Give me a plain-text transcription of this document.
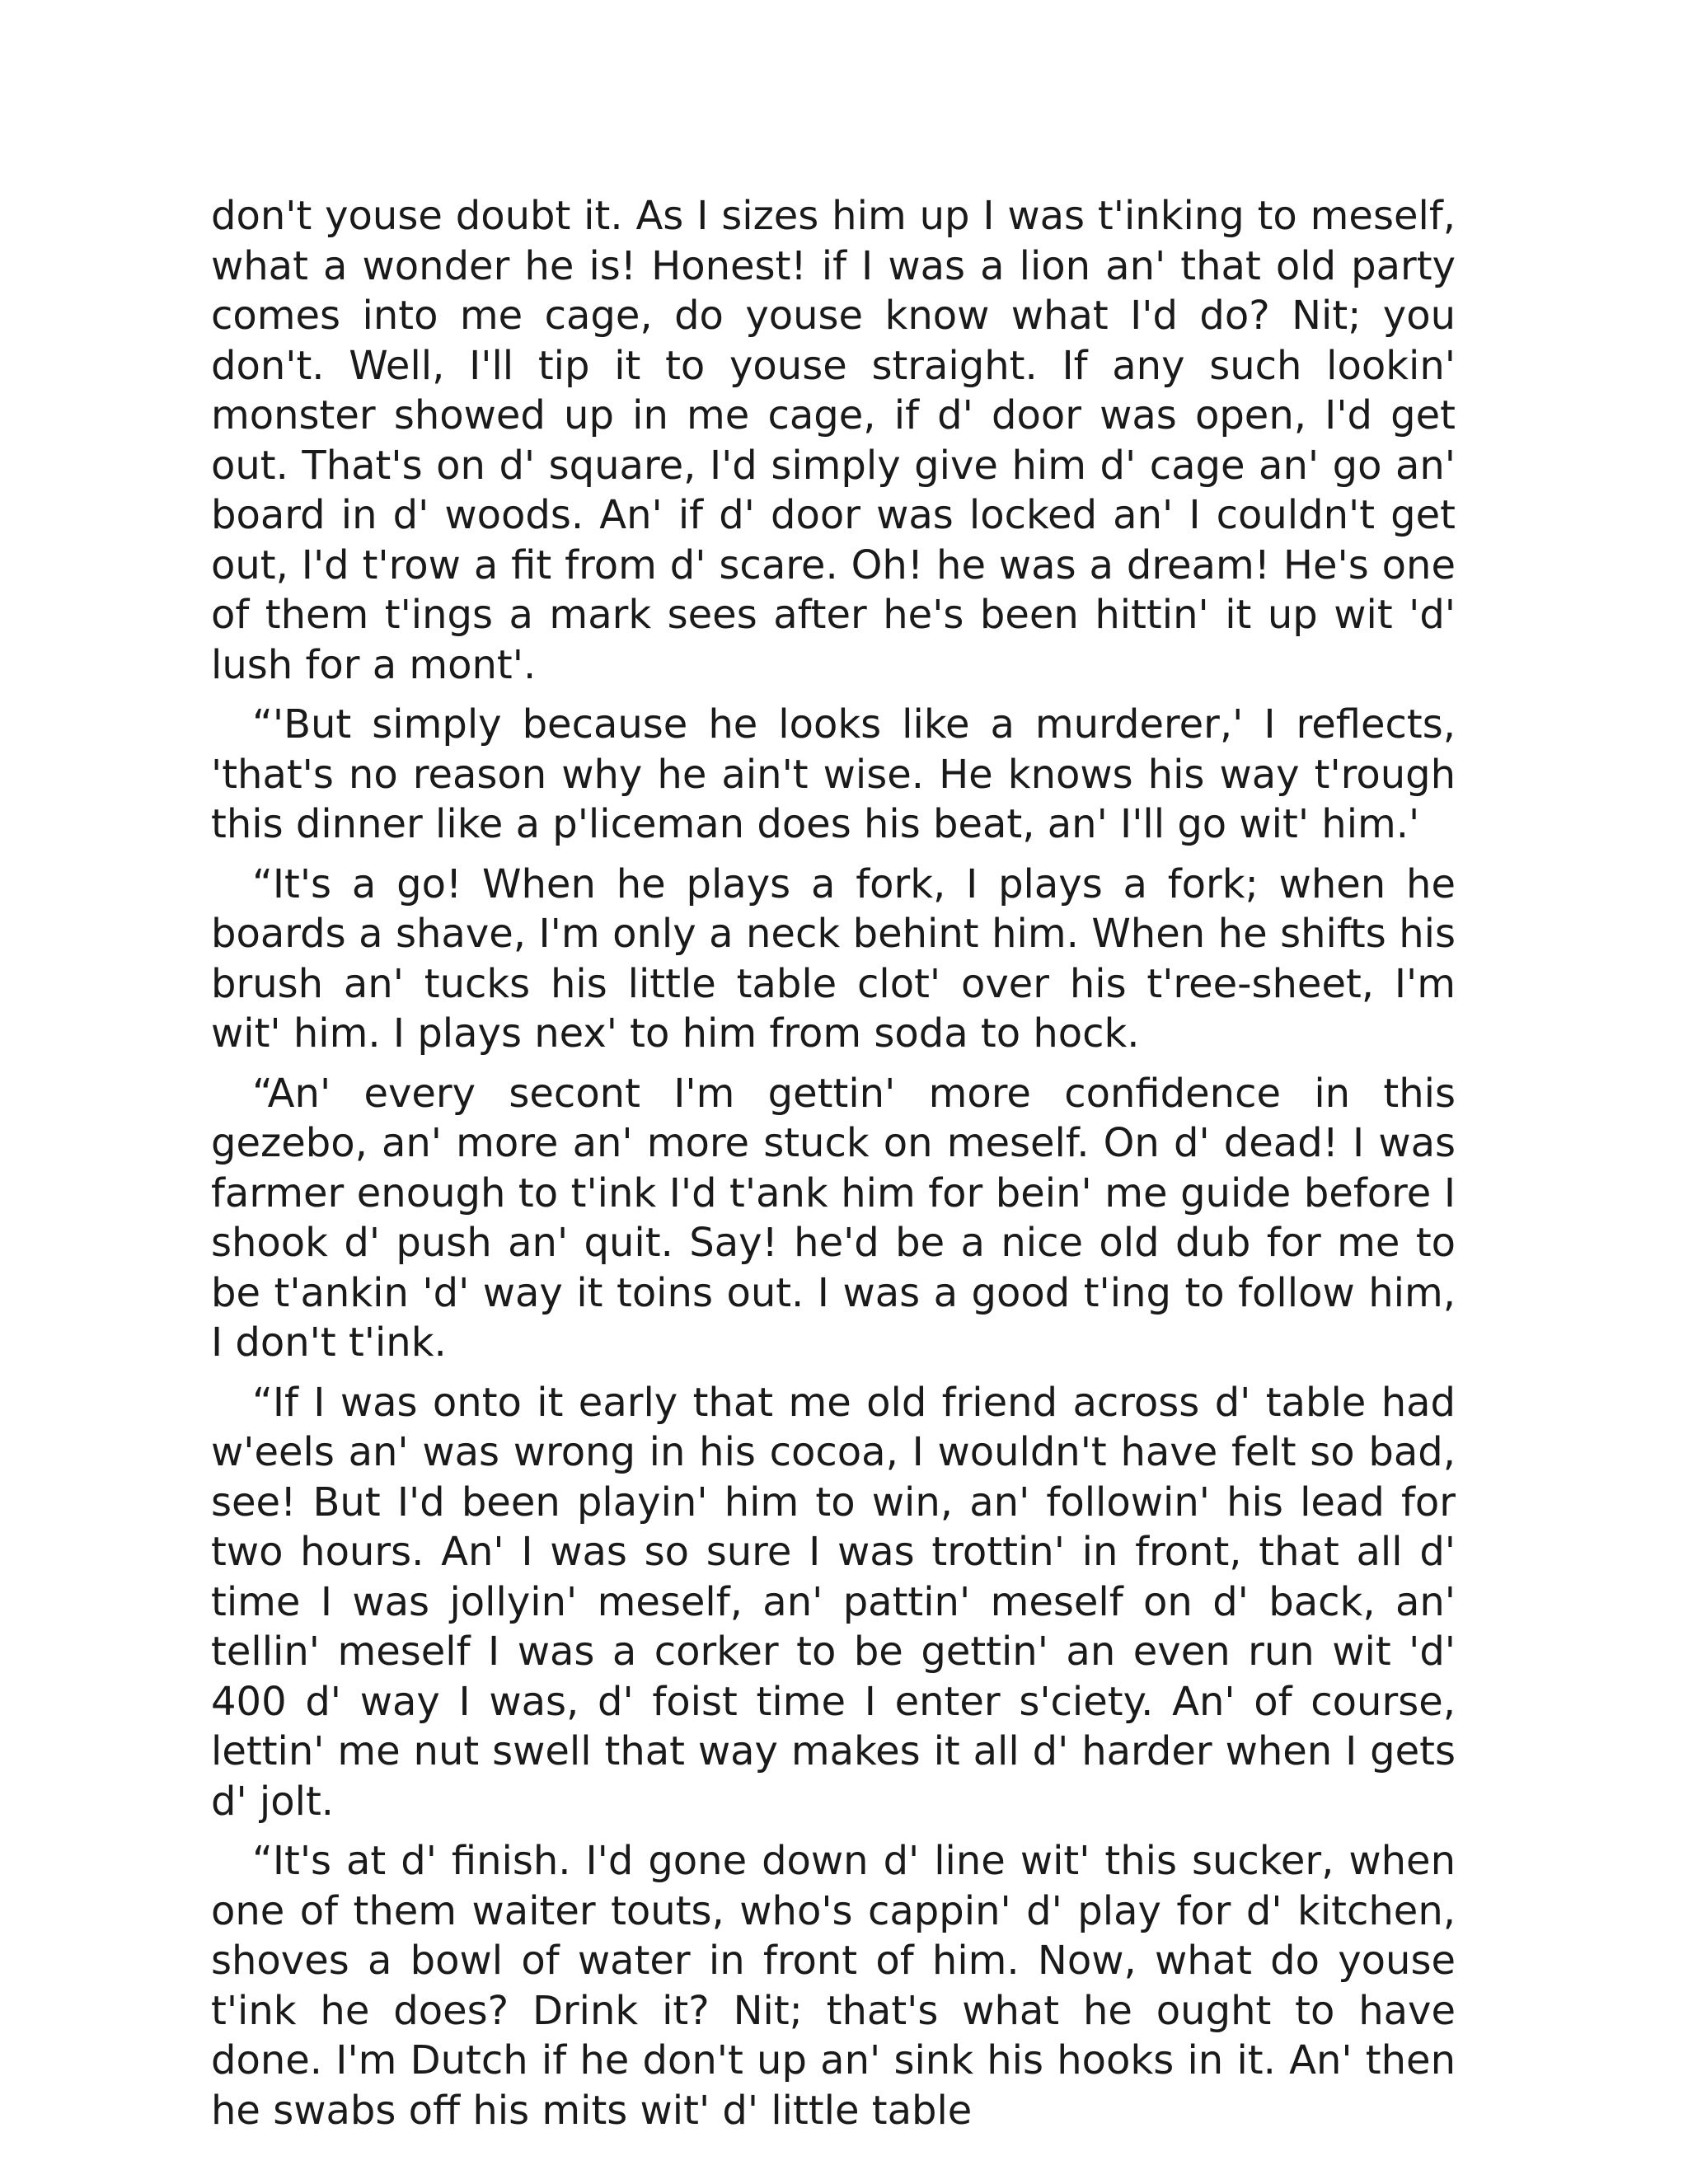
don't youse doubt it. As I sizes him up I was t'inking to meself, what a wonder he is! Honest! if I was a lion an' that old party comes into me cage, do youse know what I'd do? Nit; you don't. Well, I'll tip it to youse straight. If any such lookin' monster showed up in me cage, if d' door was open, I'd get out. That's on d' square, I'd simply give him d' cage an' go an' board in d' woods. An' if d' door was locked an' I couldn't get out, I'd t'row a fit from d' scare. Oh! he was a dream! He's one of them t'ings a mark sees after he's been hittin' it up wit 'd' lush for a mont'.

“'But simply because he looks like a murderer,' I reflects, 'that's no reason why he ain't wise. He knows his way t'rough this dinner like a p'liceman does his beat, an' I'll go wit' him.'

“It's a go! When he plays a fork, I plays a fork; when he boards a shave, I'm only a neck behint him. When he shifts his brush an' tucks his little table clot' over his t'ree-sheet, I'm wit' him. I plays nex' to him from soda to hock.

“An' every secont I'm gettin' more confidence in this gezebo, an' more an' more stuck on meself. On d' dead! I was farmer enough to t'ink I'd t'ank him for bein' me guide before I shook d' push an' quit. Say! he'd be a nice old dub for me to be t'ankin 'd' way it toins out. I was a good t'ing to follow him, I don't t'ink.

“If I was onto it early that me old friend across d' table had w'eels an' was wrong in his cocoa, I wouldn't have felt so bad, see! But I'd been playin' him to win, an' followin' his lead for two hours. An' I was so sure I was trottin' in front, that all d' time I was jollyin' meself, an' pattin' meself on d' back, an' tellin' meself I was a corker to be gettin' an even run wit 'd' 400 d' way I was, d' foist time I enter s'ciety. An' of course, lettin' me nut swell that way makes it all d' harder when I gets d' jolt.

“It's at d' finish. I'd gone down d' line wit' this sucker, when one of them waiter touts, who's cappin' d' play for d' kitchen, shoves a bowl of water in front of him. Now, what do youse t'ink he does? Drink it? Nit; that's what he ought to have done. I'm Dutch if he don't up an' sink his hooks in it. An' then he swabs off his mits wit' d' little table
